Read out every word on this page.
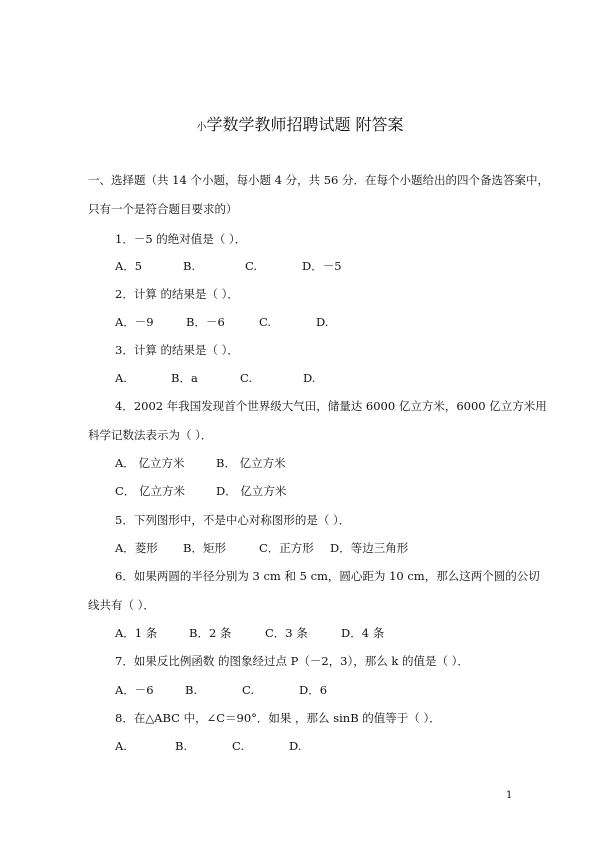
小学数学教师招聘试题 附答案
一、选择题（共 14 个小题，每小题 4 分，共 56 分．在每个小题给出的四个备选答案中，
只有一个是符合题目要求的）
1．－5 的绝对值是（ ）．
A．5	B.	C.	D．－5
2．计算 的结果是（ ）．
A．－9	B．－6	C.	D.
3．计算 的结果是（ ）．
A.	B．a	C.	D.
4．2002 年我国发现首个世界级大气田，储量达 6000 亿立方米，6000 亿立方米用
科学记数法表示为（ ）．
A． 亿立方米	B． 亿立方米
C． 亿立方米	D． 亿立方米
5．下列图形中，不是中心对称图形的是（ ）．
A．菱形 B．矩形	C．正方形 D．等边三角形
6．如果两圆的半径分别为 3 cm 和 5 cm，圆心距为 10 cm，那么这两个圆的公切
线共有（ ）．
A．1 条	B．2 条	C．3 条	D．4 条
7．如果反比例函数 的图象经过点 P（－2，3），那么 k 的值是（ ）．
A．－6	B.	C.	D．6
8．在△ABC 中，∠C＝90°．如果 ，那么 sinB 的值等于（ ）．
A.	B.	C.	D.
1
